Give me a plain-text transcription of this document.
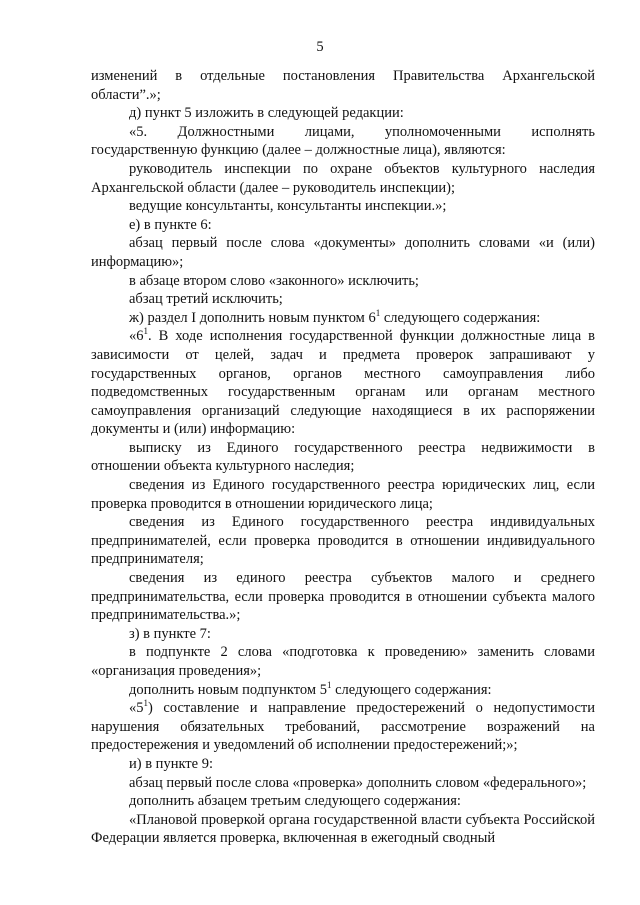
5

изменений в отдельные постановления Правительства Архангельской области”.»;

д) пункт 5 изложить в следующей редакции:

«5. Должностными лицами, уполномоченными исполнять государственную функцию (далее – должностные лица), являются:

руководитель инспекции по охране объектов культурного наследия Архангельской области (далее – руководитель инспекции);

ведущие консультанты, консультанты инспекции.»;

е) в пункте 6:

абзац первый после слова «документы» дополнить словами «и (или) информацию»;

в абзаце втором слово «законного» исключить;

абзац третий исключить;

ж) раздел I дополнить новым пунктом $6^1$ следующего содержания:

«$6^1$. В ходе исполнения государственной функции должностные лица в зависимости от целей, задач и предмета проверок запрашивают у государственных органов, органов местного самоуправления либо подведомственных государственным органам или органам местного самоуправления организаций следующие находящиеся в их распоряжении документы и (или) информацию:

выписку из Единого государственного реестра недвижимости в отношении объекта культурного наследия;

сведения из Единого государственного реестра юридических лиц, если проверка проводится в отношении юридического лица;

сведения из Единого государственного реестра индивидуальных предпринимателей, если проверка проводится в отношении индивидуального предпринимателя;

сведения из единого реестра субъектов малого и среднего предпринимательства, если проверка проводится в отношении субъекта малого предпринимательства.»;

з) в пункте 7:

в подпункте 2 слова «подготовка к проведению» заменить словами «организация проведения»;

дополнить новым подпунктом $5^1$ следующего содержания:

«$5^1$) составление и направление предостережений о недопустимости нарушения обязательных требований, рассмотрение возражений на предостережения и уведомлений об исполнении предостережений;»;

и) в пункте 9:

абзац первый после слова «проверка» дополнить словом «федерального»;

дополнить абзацем третьим следующего содержания:

«Плановой проверкой органа государственной власти субъекта Российской Федерации является проверка, включенная в ежегодный сводный
